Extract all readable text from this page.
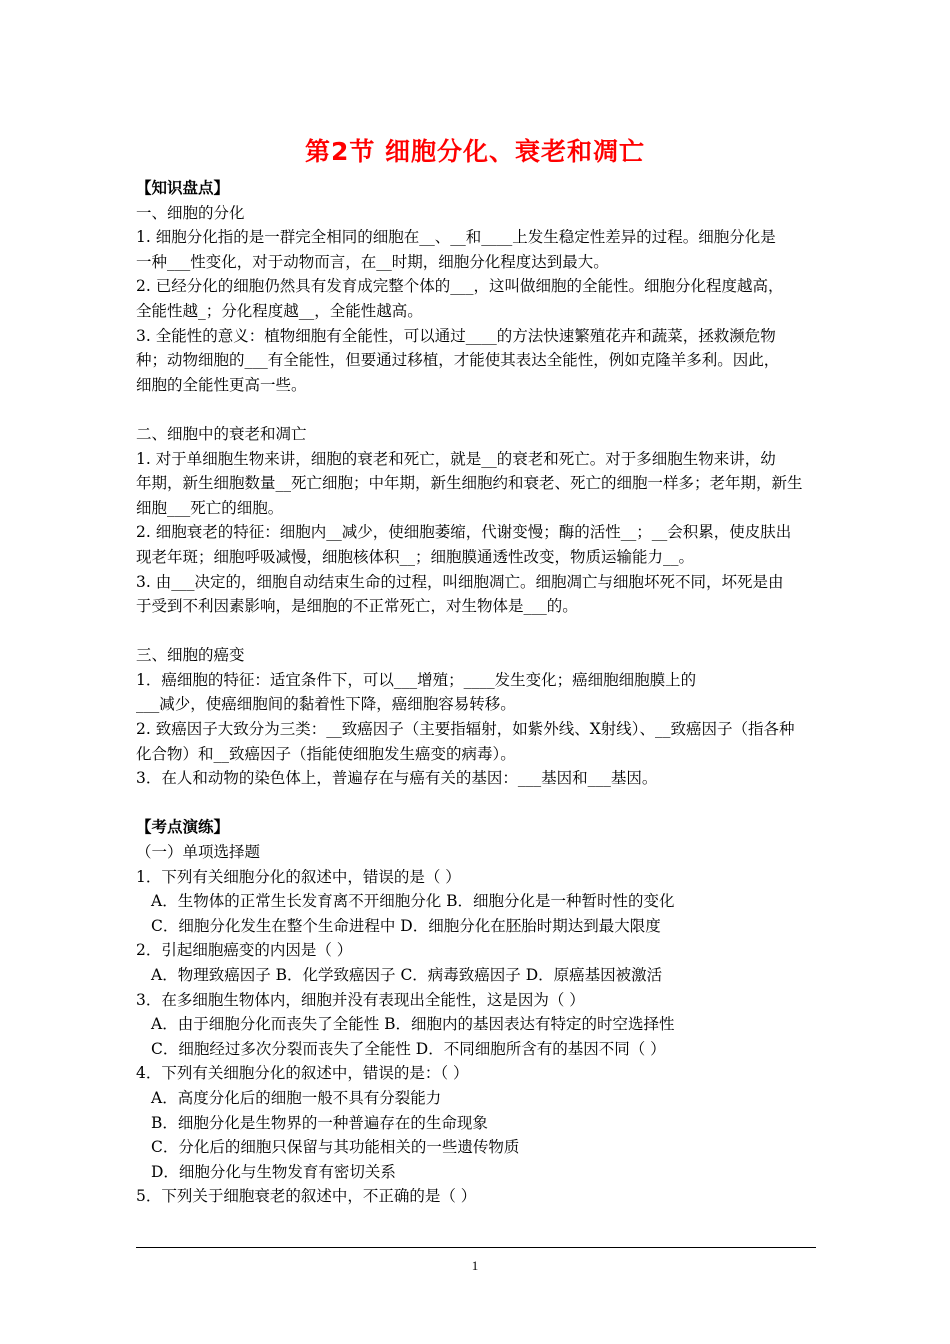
第2节 细胞分化、衰老和凋亡
【知识盘点】
一、细胞的分化
1. 细胞分化指的是一群完全相同的细胞在__、__和____上发生稳定性差异的过程。细胞分化是
一种___性变化，对于动物而言，在__时期，细胞分化程度达到最大。
2. 已经分化的细胞仍然具有发育成完整个体的___，这叫做细胞的全能性。细胞分化程度越高，
全能性越_；分化程度越__，全能性越高。
3. 全能性的意义：植物细胞有全能性，可以通过____的方法快速繁殖花卉和蔬菜，拯救濒危物
种；动物细胞的___有全能性，但要通过移植，才能使其表达全能性，例如克隆羊多利。因此，
细胞的全能性更高一些。
二、细胞中的衰老和凋亡
1. 对于单细胞生物来讲，细胞的衰老和死亡，就是__的衰老和死亡。对于多细胞生物来讲，幼
年期，新生细胞数量__死亡细胞；中年期，新生细胞约和衰老、死亡的细胞一样多；老年期，新生
细胞___死亡的细胞。
2. 细胞衰老的特征：细胞内__减少，使细胞萎缩，代谢变慢；酶的活性__；__会积累，使皮肤出
现老年斑；细胞呼吸减慢，细胞核体积__；细胞膜通透性改变，物质运输能力__。
3. 由___决定的，细胞自动结束生命的过程，叫细胞凋亡。细胞凋亡与细胞坏死不同，坏死是由
于受到不利因素影响，是细胞的不正常死亡，对生物体是___的。
三、细胞的癌变
1．癌细胞的特征：适宜条件下，可以___增殖；____发生变化；癌细胞细胞膜上的
___减少，使癌细胞间的黏着性下降，癌细胞容易转移。
2. 致癌因子大致分为三类：__致癌因子（主要指辐射，如紫外线、X射线）、__致癌因子（指各种
化合物）和__致癌因子（指能使细胞发生癌变的病毒）。
3．在人和动物的染色体上，普遍存在与癌有关的基因：___基因和___基因。
【考点演练】
（一）单项选择题
1．下列有关细胞分化的叙述中，错误的是（ ）
A．生物体的正常生长发育离不开细胞分化 B．细胞分化是一种暂时性的变化
C．细胞分化发生在整个生命进程中 D．细胞分化在胚胎时期达到最大限度
2．引起细胞癌变的内因是（ ）
A．物理致癌因子 B．化学致癌因子 C．病毒致癌因子 D．原癌基因被激活
3．在多细胞生物体内，细胞并没有表现出全能性，这是因为（ ）
A．由于细胞分化而丧失了全能性 B．细胞内的基因表达有特定的时空选择性
C．细胞经过多次分裂而丧失了全能性 D．不同细胞所含有的基因不同（ ）
4．下列有关细胞分化的叙述中，错误的是：（ ）
A．高度分化后的细胞一般不具有分裂能力
B．细胞分化是生物界的一种普遍存在的生命现象
C．分化后的细胞只保留与其功能相关的一些遗传物质
D．细胞分化与生物发育有密切关系
5．下列关于细胞衰老的叙述中，不正确的是（ ）
1
